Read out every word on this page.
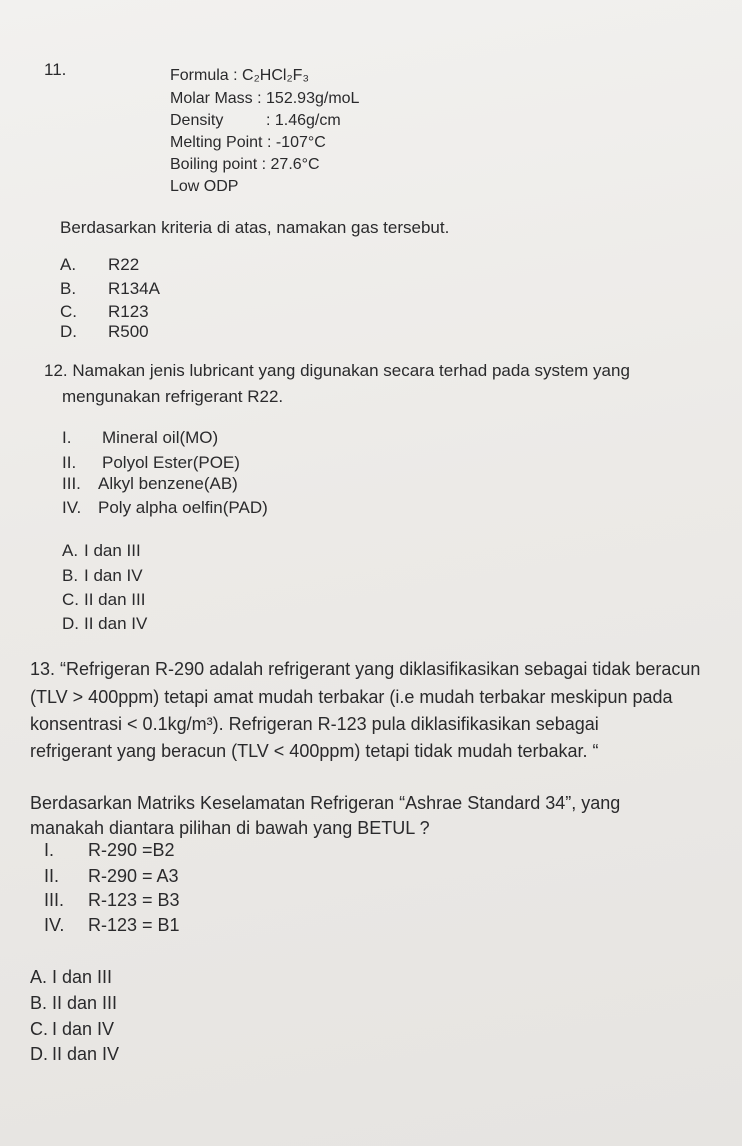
11.	Formula : C₂HCl₂F₃
Molar Mass : 152.93g/moL
Density	: 1.46g/cm
Melting Point : -107°C
Boiling point : 27.6°C
Low ODP
Berdasarkan kriteria di atas, namakan gas tersebut.
A. R22
B. R134A
C. R123
D. R500
12. Namakan jenis lubricant yang digunakan secara terhad pada system yang
mengunakan refrigerant R22.
I. Mineral oil(MO)
II. Polyol Ester(POE)
III. Alkyl benzene(AB)
IV. Poly alpha oelfin(PAD)
A. I dan III
B. I dan IV
C. II dan III
D. II dan IV
13. “Refrigeran R-290 adalah refrigerant yang diklasifikasikan sebagai tidak beracun
(TLV > 400ppm) tetapi amat mudah terbakar (i.e mudah terbakar meskipun pada
konsentrasi < 0.1kg/m³). Refrigeran R-123 pula diklasifikasikan sebagai
refrigerant yang beracun (TLV < 400ppm) tetapi tidak mudah terbakar. “
Berdasarkan Matriks Keselamatan Refrigeran “Ashrae Standard 34”, yang
manakah diantara pilihan di bawah yang BETUL ?
I. R-290 =B2
II. R-290 = A3
III. R-123 = B3
IV. R-123 = B1
A. I dan III
B. II dan III
C. I dan IV
D. II dan IV
